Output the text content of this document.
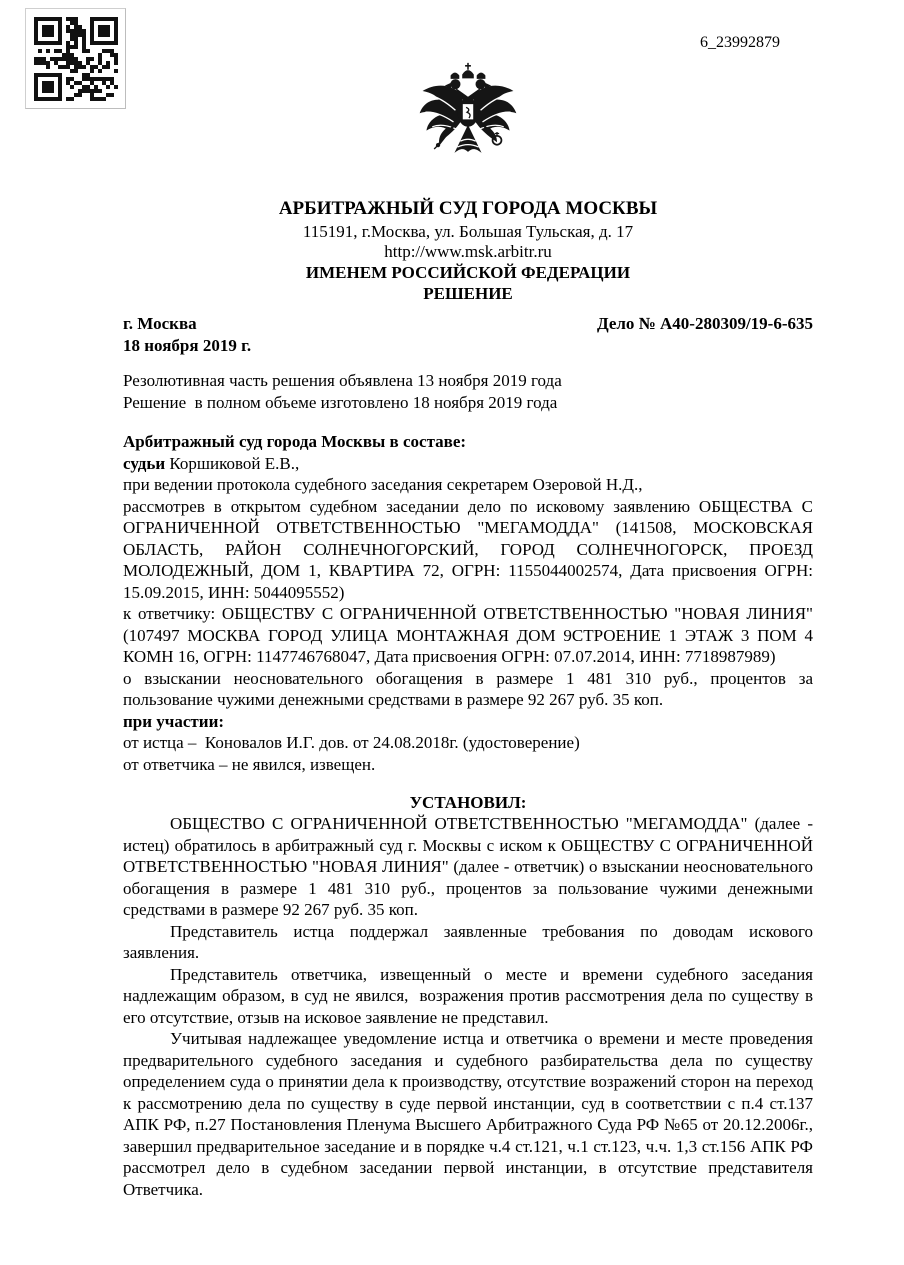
6_23992879
АРБИТРАЖНЫЙ СУД ГОРОДА МОСКВЫ
115191, г.Москва, ул. Большая Тульская, д. 17
http://www.msk.arbitr.ru
ИМЕНЕМ РОССИЙСКОЙ ФЕДЕРАЦИИ
РЕШЕНИЕ
г. Москва	Дело № А40-280309/19-6-635
18 ноября 2019 г.
Резолютивная часть решения объявлена 13 ноября 2019 года
Решение  в полном объеме изготовлено 18 ноября 2019 года
Арбитражный суд города Москвы в составе:
судьи Коршиковой Е.В.,
при ведении протокола судебного заседания секретарем Озеровой Н.Д.,

рассмотрев в открытом судебном заседании дело по исковому заявлению ОБЩЕСТВА С ОГРАНИЧЕННОЙ ОТВЕТСТВЕННОСТЬЮ "МЕГАМОДДА" (141508, МОСКОВСКАЯ ОБЛАСТЬ, РАЙОН СОЛНЕЧНОГОРСКИЙ, ГОРОД СОЛНЕЧНОГОРСК, ПРОЕЗД МОЛОДЕЖНЫЙ, ДОМ 1, КВАРТИРА 72, ОГРН: 1155044002574, Дата присвоения ОГРН: 15.09.2015, ИНН: 5044095552)

к ответчику: ОБЩЕСТВУ С ОГРАНИЧЕННОЙ ОТВЕТСТВЕННОСТЬЮ "НОВАЯ ЛИНИЯ" (107497 МОСКВА ГОРОД УЛИЦА МОНТАЖНАЯ ДОМ 9СТРОЕНИЕ 1 ЭТАЖ 3 ПОМ 4 КОМН 16, ОГРН: 1147746768047, Дата присвоения ОГРН: 07.07.2014, ИНН: 7718987989)

о взыскании неосновательного обогащения в размере 1 481 310 руб., процентов за пользование чужими денежными средствами в размере 92 267 руб. 35 коп.

при участии:
от истца –  Коновалов И.Г. дов. от 24.08.2018г. (удостоверение)
от ответчика – не явился, извещен.
УСТАНОВИЛ:

ОБЩЕСТВО С ОГРАНИЧЕННОЙ ОТВЕТСТВЕННОСТЬЮ "МЕГАМОДДА" (далее - истец) обратилось в арбитражный суд г. Москвы с иском к ОБЩЕСТВУ С ОГРАНИЧЕННОЙ ОТВЕТСТВЕННОСТЬЮ "НОВАЯ ЛИНИЯ" (далее - ответчик) о взыскании неосновательного обогащения в размере 1 481 310 руб., процентов за пользование чужими денежными средствами в размере 92 267 руб. 35 коп.

Представитель истца поддержал заявленные требования по доводам искового заявления.

Представитель ответчика, извещенный о месте и времени судебного заседания надлежащим образом, в суд не явился,  возражения против рассмотрения дела по существу в его отсутствие, отзыв на исковое заявление не представил.

Учитывая надлежащее уведомление истца и ответчика о времени и месте проведения предварительного судебного заседания и судебного разбирательства дела по существу определением суда о принятии дела к производству, отсутствие возражений сторон на переход к рассмотрению дела по существу в суде первой инстанции, суд в соответствии с п.4 ст.137 АПК РФ, п.27 Постановления Пленума Высшего Арбитражного Суда РФ №65 от 20.12.2006г., завершил предварительное заседание и в порядке ч.4 ст.121, ч.1 ст.123, ч.ч. 1,3 ст.156 АПК РФ рассмотрел дело в судебном заседании первой инстанции, в отсутствие представителя Ответчика.
